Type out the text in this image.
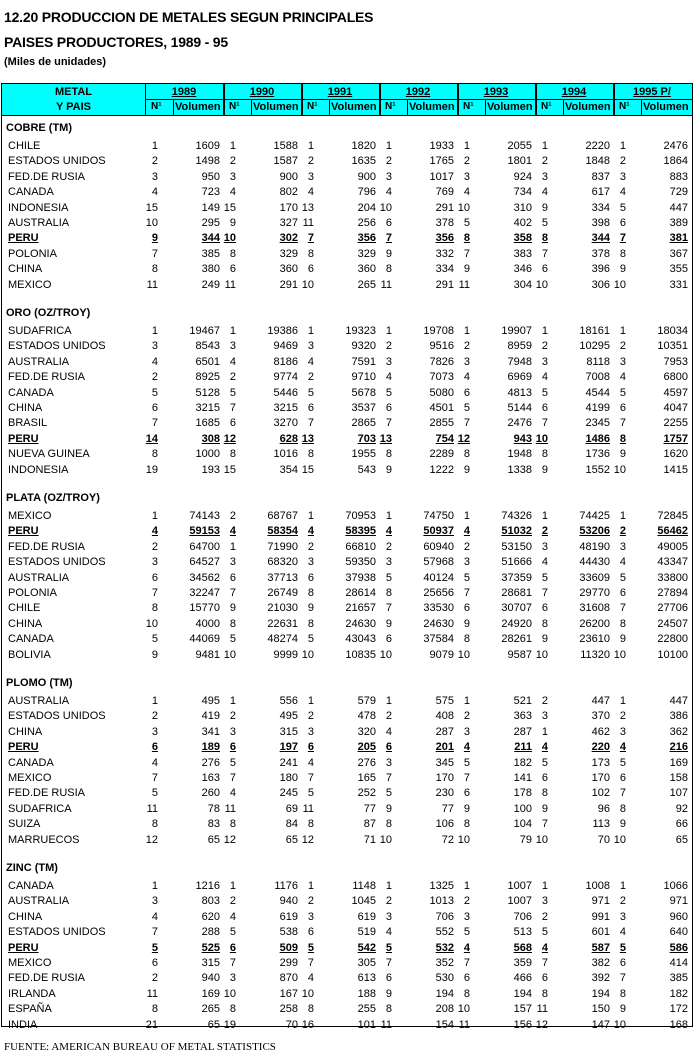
12.20 PRODUCCION DE METALES SEGUN PRINCIPALES
PAISES PRODUCTORES, 1989 - 95
(Miles de unidades)
METAL
Y PAIS
1989
N¹	Volumen
1990
N¹	Volumen
1991
N¹	Volumen
1992
N¹	Volumen
1993
N¹	Volumen
1994
N¹	Volumen
1995 P/
N¹	Volumen
COBRE (TM)
CHILE	1	1609 1	1588 1	1820 1	1933 1	2055 1	2220 1	2476
ESTADOS UNIDOS	2	1498 2	1587 2	1635 2	1765 2	1801 2	1848 2	1864
FED.DE RUSIA	3	950 3	900 3	900 3	1017 3	924 3	837 3	883
CANADA	4	723 4	802 4	796 4	769 4	734 4	617 4	729
INDONESIA	15	149 15	170 13	204 10	291 10	310 9	334 5	447
AUSTRALIA	10	295 9	327 11	256 6	378 5	402 5	398 6	389
PERU	9	344 10	302 7	356 7	356 8	358 8	344 7	381
POLONIA	7	385 8	329 8	329 9	332 7	383 7	378 8	367
CHINA	8	380 6	360 6	360 8	334 9	346 6	396 9	355
MEXICO	11	249 11	291 10	265 11	291 11	304 10	306 10	331
ORO (OZ/TROY)
SUDAFRICA	1	19467 1	19386 1	19323 1	19708 1	19907 1	18161 1	18034
ESTADOS UNIDOS	3	8543 3	9469 3	9320 2	9516 2	8959 2	10295 2	10351
AUSTRALIA	4	6501 4	8186 4	7591 3	7826 3	7948 3	8118 3	7953
FED.DE RUSIA	2	8925 2	9774 2	9710 4	7073 4	6969 4	7008 4	6800
CANADA	5	5128 5	5446 5	5678 5	5080 6	4813 5	4544 5	4597
CHINA	6	3215 7	3215 6	3537 6	4501 5	5144 6	4199 6	4047
BRASIL	7	1685 6	3270 7	2865 7	2855 7	2476 7	2345 7	2255
PERU	14	308 12	628 13	703 13	754 12	943 10	1486 8	1757
NUEVA GUINEA	8	1000 8	1016 8	1955 8	2289 8	1948 8	1736 9	1620
INDONESIA	19	193 15	354 15	543 9	1222 9	1338 9	1552 10	1415
PLATA (OZ/TROY)
MEXICO	1	74143 2	68767 1	70953 1	74750 1	74326 1	74425 1	72845
PERU	4	59153 4	58354 4	58395 4	50937 4	51032 2	53206 2	56462
FED.DE RUSIA	2	64700 1	71990 2	66810 2	60940 2	53150 3	48190 3	49005
ESTADOS UNIDOS	3	64527 3	68320 3	59350 3	57968 3	51666 4	44430 4	43347
AUSTRALIA	6	34562 6	37713 6	37938 5	40124 5	37359 5	33609 5	33800
POLONIA	7	32247 7	26749 8	28614 8	25656 7	28681 7	29770 6	27894
CHILE	8	15770 9	21030 9	21657 7	33530 6	30707 6	31608 7	27706
CHINA	10	4000 8	22631 8	24630 9	24630 9	24920 8	26200 8	24507
CANADA	5	44069 5	48274 5	43043 6	37584 8	28261 9	23610 9	22800
BOLIVIA	9	9481 10	9999 10	10835 10	9079 10	9587 10	11320 10	10100
PLOMO (TM)
AUSTRALIA	1	495 1	556 1	579 1	575 1	521 2	447 1	447
ESTADOS UNIDOS	2	419 2	495 2	478 2	408 2	363 3	370 2	386
CHINA	3	341 3	315 3	320 4	287 3	287 1	462 3	362
PERU	6	189 6	197 6	205 6	201 4	211 4	220 4	216
CANADA	4	276 5	241 4	276 3	345 5	182 5	173 5	169
MEXICO	7	163 7	180 7	165 7	170 7	141 6	170 6	158
FED.DE RUSIA	5	260 4	245 5	252 5	230 6	178 8	102 7	107
SUDAFRICA	11	78 11	69 11	77 9	77 9	100 9	96 8	92
SUIZA	8	83 8	84 8	87 8	106 8	104 7	113 9	66
MARRUECOS	12	65 12	65 12	71 10	72 10	79 10	70 10	65
ZINC (TM)
CANADA	1	1216 1	1176 1	1148 1	1325 1	1007 1	1008 1	1066
AUSTRALIA	3	803 2	940 2	1045 2	1013 2	1007 3	971 2	971
CHINA	4	620 4	619 3	619 3	706 3	706 2	991 3	960
ESTADOS UNIDOS	7	288 5	538 6	519 4	552 5	513 5	601 4	640
PERU	5	525 6	509 5	542 5	532 4	568 4	587 5	586
MEXICO	6	315 7	299 7	305 7	352 7	359 7	382 6	414
FED.DE RUSIA	2	940 3	870 4	613 6	530 6	466 6	392 7	385
IRLANDA	11	169 10	167 10	188 9	194 8	194 8	194 8	182
ESPAÑA	8	265 8	258 8	255 8	208 10	157 11	150 9	172
INDIA	21	65 19	70 16	101 11	154 11	156 12	147 10	168
FUENTE: AMERICAN BUREAU OF METAL STATISTICS
